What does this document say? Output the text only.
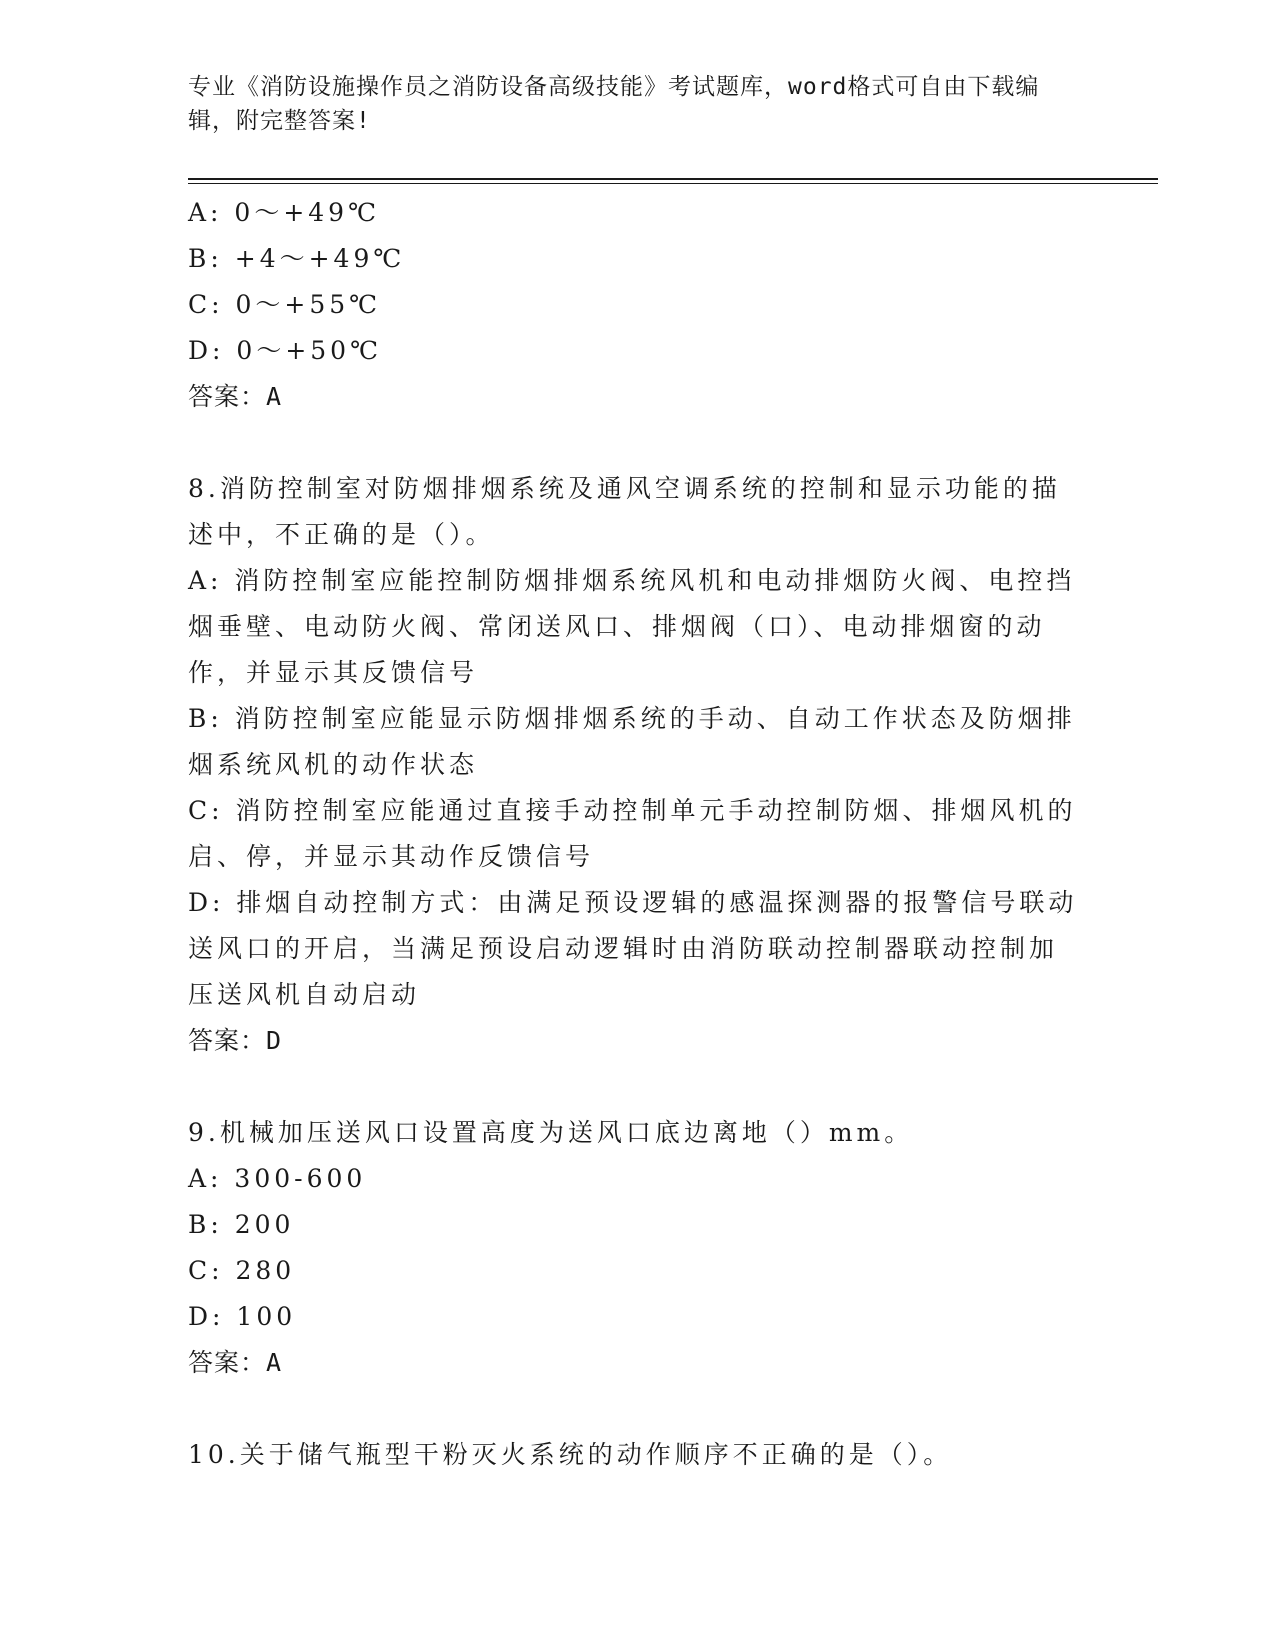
专业《消防设施操作员之消防设备高级技能》考试题库，word格式可自由下载编
辑，附完整答案!
A: 0～+49℃
B: +4～+49℃
C: 0～+55℃
D: 0～+50℃
答案：A
8.消防控制室对防烟排烟系统及通风空调系统的控制和显示功能的描
述中，不正确的是（）。
A: 消防控制室应能控制防烟排烟系统风机和电动排烟防火阀、电控挡
烟垂壁、电动防火阀、常闭送风口、排烟阀（口）、电动排烟窗的动
作，并显示其反馈信号
B: 消防控制室应能显示防烟排烟系统的手动、自动工作状态及防烟排
烟系统风机的动作状态
C: 消防控制室应能通过直接手动控制单元手动控制防烟、排烟风机的
启、停，并显示其动作反馈信号
D: 排烟自动控制方式：由满足预设逻辑的感温探测器的报警信号联动
送风口的开启，当满足预设启动逻辑时由消防联动控制器联动控制加
压送风机自动启动
答案：D
9.机械加压送风口设置高度为送风口底边离地（）mm。
A: 300-600
B: 200
C: 280
D: 100
答案：A
10.关于储气瓶型干粉灭火系统的动作顺序不正确的是（）。
